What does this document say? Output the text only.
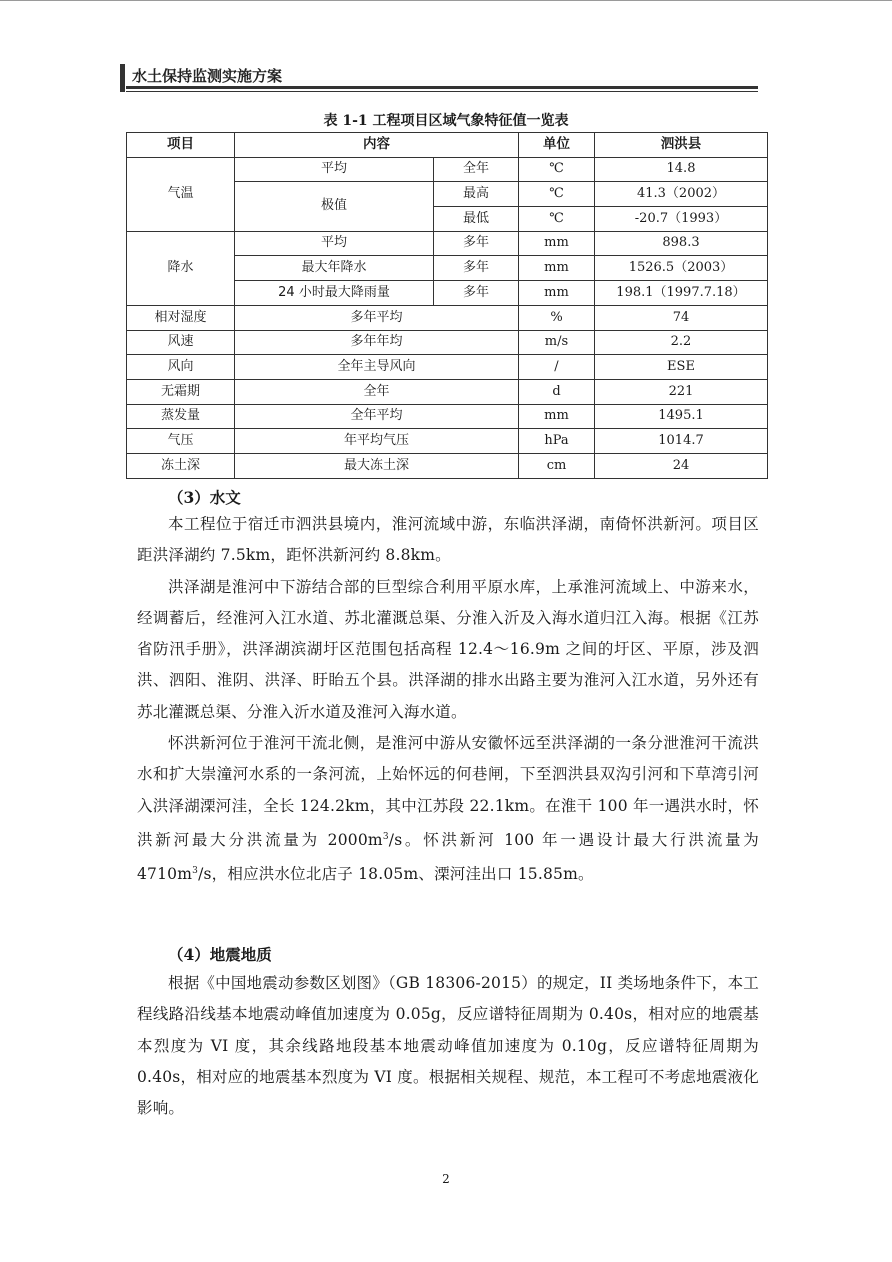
水土保持监测实施方案
表 1-1 工程项目区域气象特征值一览表
项目	内容		单位	泗洪县
气温	平均	全年	℃	14.8
	极值	最高	℃	41.3（2002）
		最低	℃	-20.7（1993）
降水	平均	多年	mm	898.3
	最大年降水	多年	mm	1526.5（2003）
	24 小时最大降雨量	多年	mm	198.1（1997.7.18）
相对湿度	多年平均		%	74
风速	多年年均		m/s	2.2
风向	全年主导风向		/	ESE
无霜期	全年		d	221
蒸发量	全年平均		mm	1495.1
气压	年平均气压		hPa	1014.7
冻土深	最大冻土深		cm	24
（3）水文

本工程位于宿迁市泗洪县境内，淮河流域中游，东临洪泽湖，南倚怀洪新河。项目区距洪泽湖约 7.5km，距怀洪新河约 8.8km。

洪泽湖是淮河中下游结合部的巨型综合利用平原水库，上承淮河流域上、中游来水，经调蓄后，经淮河入江水道、苏北灌溉总渠、分淮入沂及入海水道归江入海。根据《江苏省防汛手册》，洪泽湖滨湖圩区范围包括高程 12.4～16.9m 之间的圩区、平原，涉及泗洪、泗阳、淮阴、洪泽、盱眙五个县。洪泽湖的排水出路主要为淮河入江水道，另外还有苏北灌溉总渠、分淮入沂水道及淮河入海水道。

怀洪新河位于淮河干流北侧，是淮河中游从安徽怀远至洪泽湖的一条分泄淮河干流洪水和扩大崇潼河水系的一条河流，上始怀远的何巷闸，下至泗洪县双沟引河和下草湾引河入洪泽湖溧河洼，全长 124.2km，其中江苏段 22.1km。在淮干 100 年一遇洪水时，怀洪新河最大分洪流量为 $2000m^3/s$。怀洪新河 100 年一遇设计最大行洪流量为 $4710m^3/s$，相应洪水位北店子 18.05m、溧河洼出口 15.85m。

（4）地震地质

根据《中国地震动参数区划图》（GB 18306-2015）的规定，II 类场地条件下，本工程线路沿线基本地震动峰值加速度为 0.05g，反应谱特征周期为 0.40s，相对应的地震基本烈度为 VI 度，其余线路地段基本地震动峰值加速度为 0.10g，反应谱特征周期为 0.40s，相对应的地震基本烈度为 VI 度。根据相关规程、规范，本工程可不考虑地震液化影响。

2
